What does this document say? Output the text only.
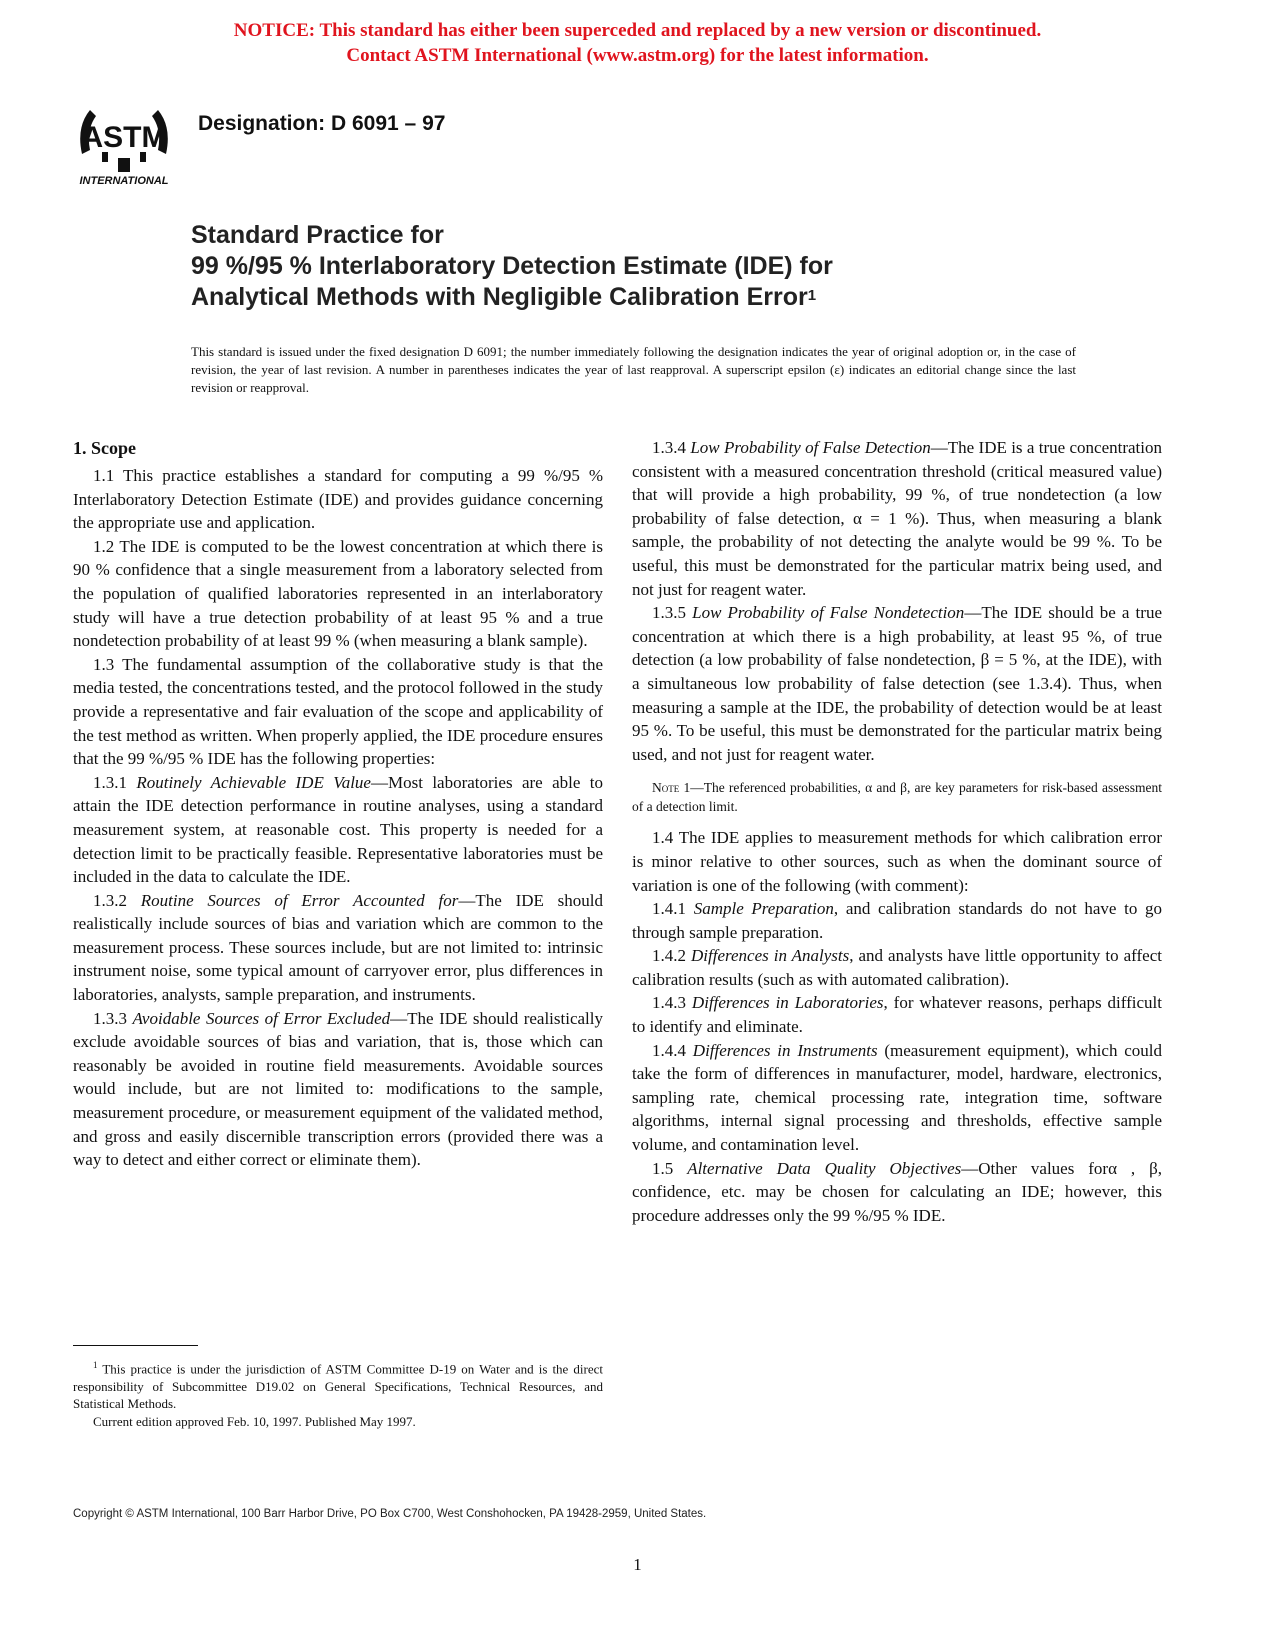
NOTICE: This standard has either been superceded and replaced by a new version or discontinued.
Contact ASTM International (www.astm.org) for the latest information.
ASTM
INTERNATIONAL
Designation: D 6091 – 97
Standard Practice for
99 %/95 % Interlaboratory Detection Estimate (IDE) for
Analytical Methods with Negligible Calibration Error$^1$
This standard is issued under the fixed designation D 6091; the number immediately following the designation indicates the year of original adoption or, in the case of revision, the year of last revision. A number in parentheses indicates the year of last reapproval. A superscript epsilon (ε) indicates an editorial change since the last revision or reapproval.
1. Scope

1.1 This practice establishes a standard for computing a 99 %/95 % Interlaboratory Detection Estimate (IDE) and provides guidance concerning the appropriate use and application.

1.2 The IDE is computed to be the lowest concentration at which there is 90 % confidence that a single measurement from a laboratory selected from the population of qualified laboratories represented in an interlaboratory study will have a true detection probability of at least 95 % and a true nondetection probability of at least 99 % (when measuring a blank sample).

1.3 The fundamental assumption of the collaborative study is that the media tested, the concentrations tested, and the protocol followed in the study provide a representative and fair evaluation of the scope and applicability of the test method as written. When properly applied, the IDE procedure ensures that the 99 %/95 % IDE has the following properties:

1.3.1 Routinely Achievable IDE Value—Most laboratories are able to attain the IDE detection performance in routine analyses, using a standard measurement system, at reasonable cost. This property is needed for a detection limit to be practically feasible. Representative laboratories must be included in the data to calculate the IDE.

1.3.2 Routine Sources of Error Accounted for—The IDE should realistically include sources of bias and variation which are common to the measurement process. These sources include, but are not limited to: intrinsic instrument noise, some typical amount of carryover error, plus differences in laboratories, analysts, sample preparation, and instruments.

1.3.3 Avoidable Sources of Error Excluded—The IDE should realistically exclude avoidable sources of bias and variation, that is, those which can reasonably be avoided in routine field measurements. Avoidable sources would include, but are not limited to: modifications to the sample, measurement procedure, or measurement equipment of the validated method, and gross and easily discernible transcription errors (provided there was a way to detect and either correct or eliminate them).

1.3.4 Low Probability of False Detection—The IDE is a true concentration consistent with a measured concentration threshold (critical measured value) that will provide a high probability, 99 %, of true nondetection (a low probability of false detection, α = 1 %). Thus, when measuring a blank sample, the probability of not detecting the analyte would be 99 %. To be useful, this must be demonstrated for the particular matrix being used, and not just for reagent water.

1.3.5 Low Probability of False Nondetection—The IDE should be a true concentration at which there is a high probability, at least 95 %, of true detection (a low probability of false nondetection, β = 5 %, at the IDE), with a simultaneous low probability of false detection (see 1.3.4). Thus, when measuring a sample at the IDE, the probability of detection would be at least 95 %. To be useful, this must be demonstrated for the particular matrix being used, and not just for reagent water.

Note 1—The referenced probabilities, α and β, are key parameters for risk-based assessment of a detection limit.

1.4 The IDE applies to measurement methods for which calibration error is minor relative to other sources, such as when the dominant source of variation is one of the following (with comment):

1.4.1 Sample Preparation, and calibration standards do not have to go through sample preparation.

1.4.2 Differences in Analysts, and analysts have little opportunity to affect calibration results (such as with automated calibration).

1.4.3 Differences in Laboratories, for whatever reasons, perhaps difficult to identify and eliminate.

1.4.4 Differences in Instruments (measurement equipment), which could take the form of differences in manufacturer, model, hardware, electronics, sampling rate, chemical processing rate, integration time, software algorithms, internal signal processing and thresholds, effective sample volume, and contamination level.

1.5 Alternative Data Quality Objectives—Other values forα , β, confidence, etc. may be chosen for calculating an IDE; however, this procedure addresses only the 99 %/95 % IDE.

$^1$ This practice is under the jurisdiction of ASTM Committee D-19 on Water and is the direct responsibility of Subcommittee D19.02 on General Specifications, Technical Resources, and Statistical Methods.

Current edition approved Feb. 10, 1997. Published May 1997.

Copyright © ASTM International, 100 Barr Harbor Drive, PO Box C700, West Conshohocken, PA 19428-2959, United States.
1
